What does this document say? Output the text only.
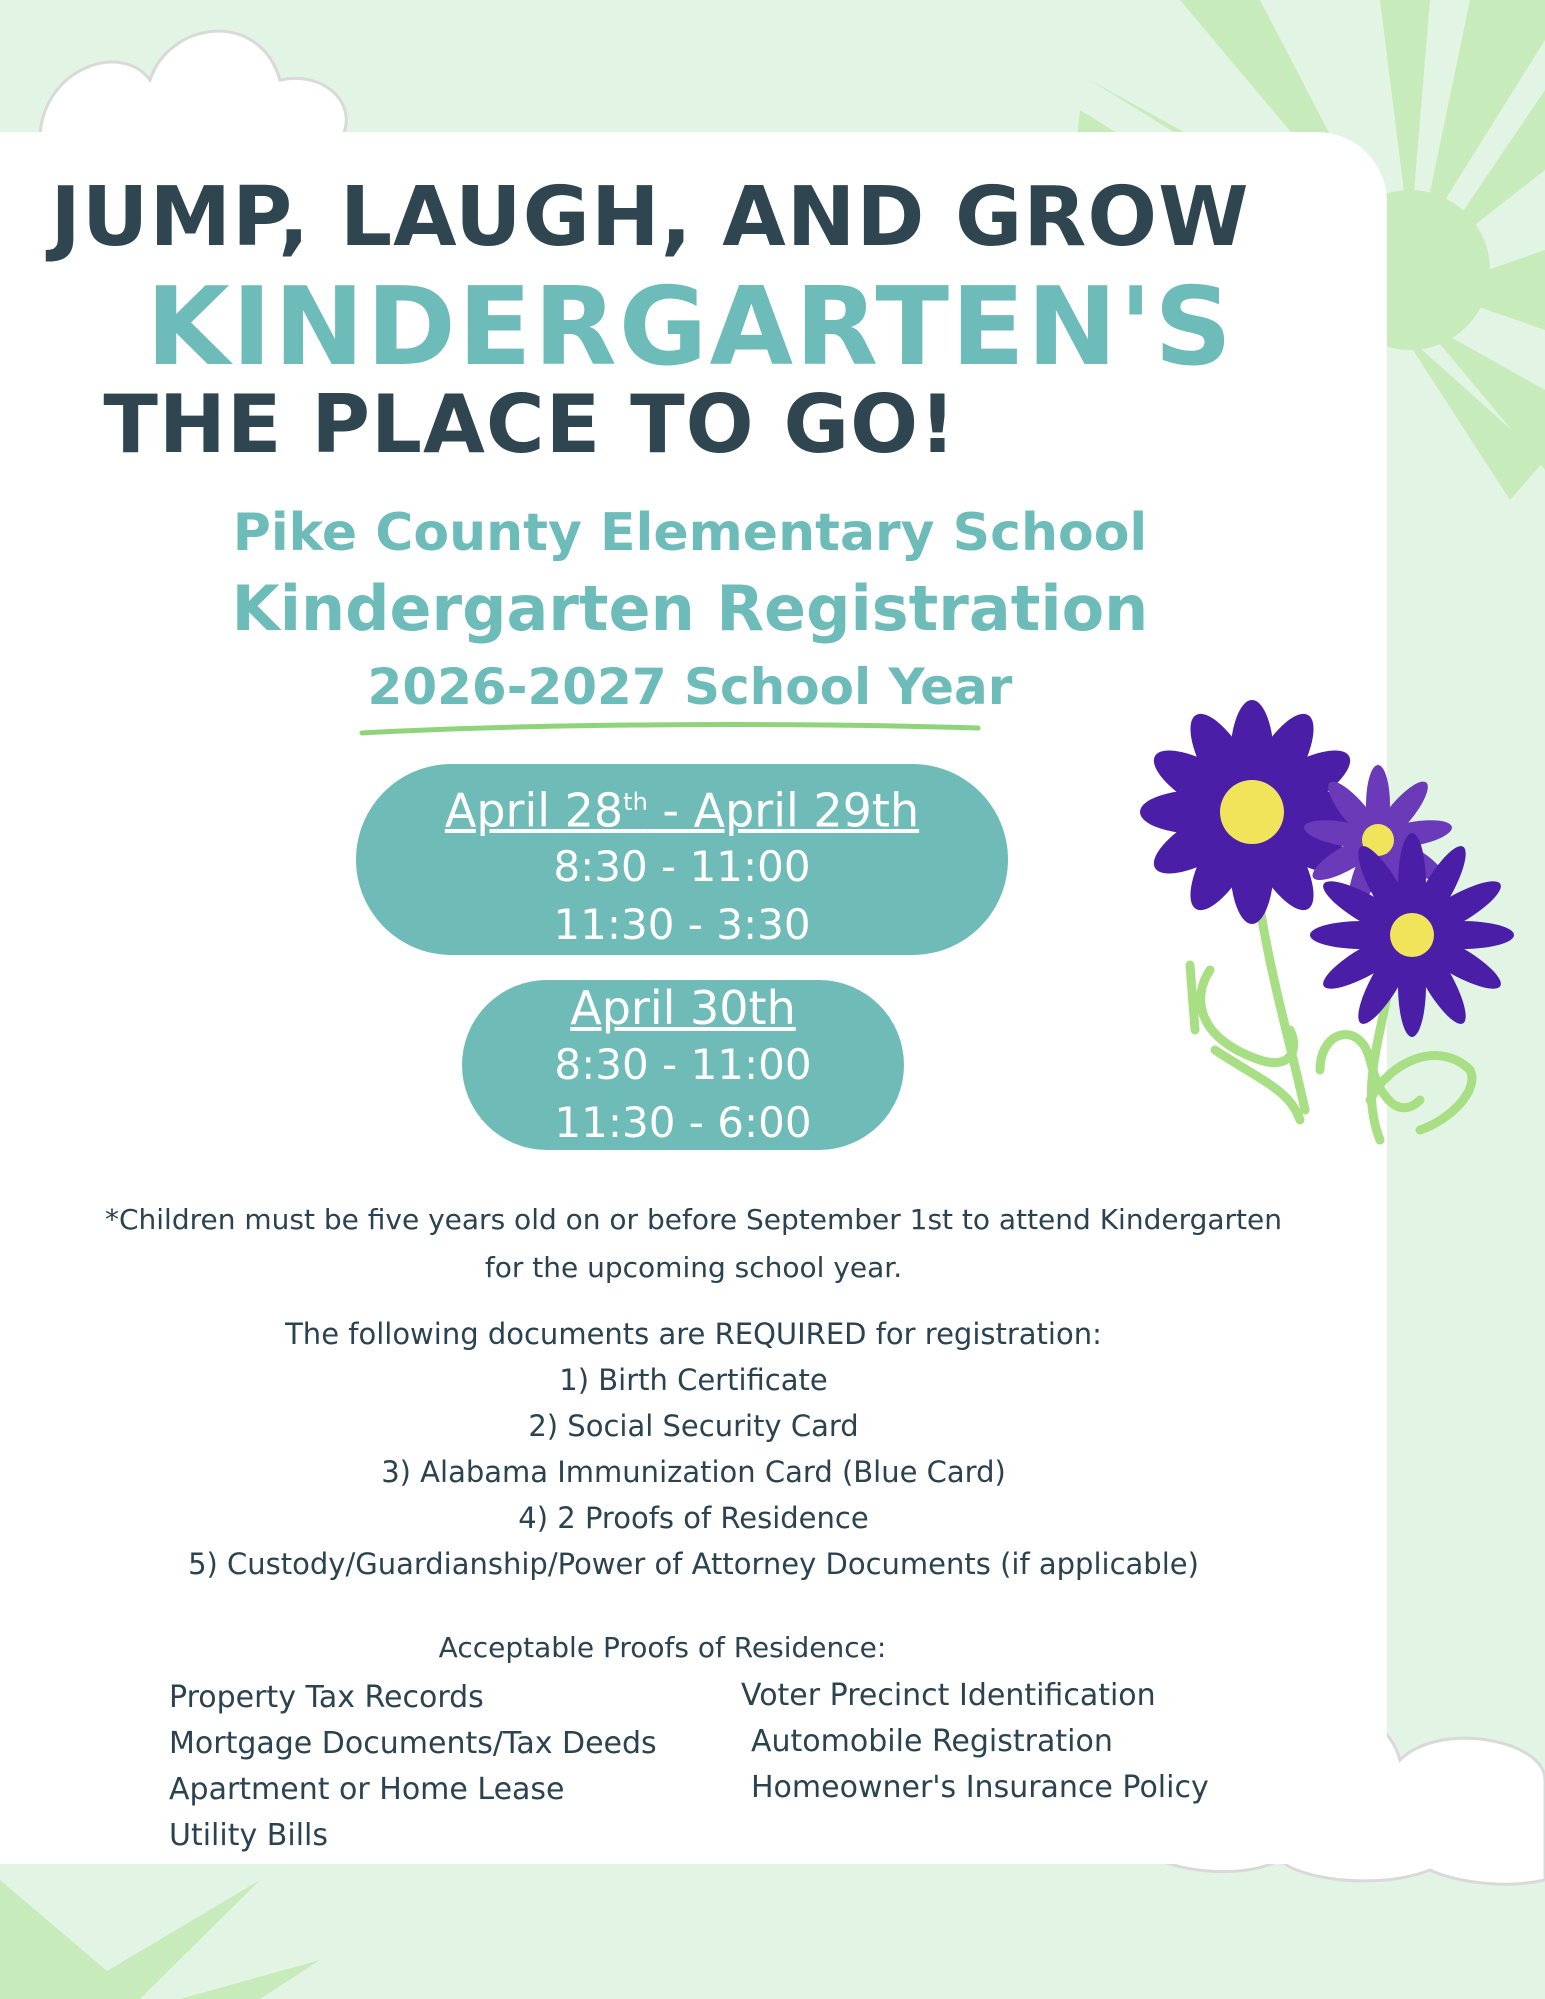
JUMP, LAUGH, AND GROW
KINDERGARTEN'S
THE PLACE TO GO!
Pike County Elementary School
Kindergarten Registration
2026-2027 School Year
April 28th - April 29th
8:30 - 11:00
11:30 - 3:30
April 30th
8:30 - 11:00
11:30 - 6:00
*Children must be five years old on or before September 1st to attend Kindergarten
for the upcoming school year.
The following documents are REQUIRED for registration:
1) Birth Certificate
2) Social Security Card
3) Alabama Immunization Card (Blue Card)
4) 2 Proofs of Residence
5) Custody/Guardianship/Power of Attorney Documents (if applicable)
Acceptable Proofs of Residence:
Property Tax Records
Mortgage Documents/Tax Deeds
Apartment or Home Lease
Utility Bills
Voter Precinct Identification
Automobile Registration
Homeowner's Insurance Policy
